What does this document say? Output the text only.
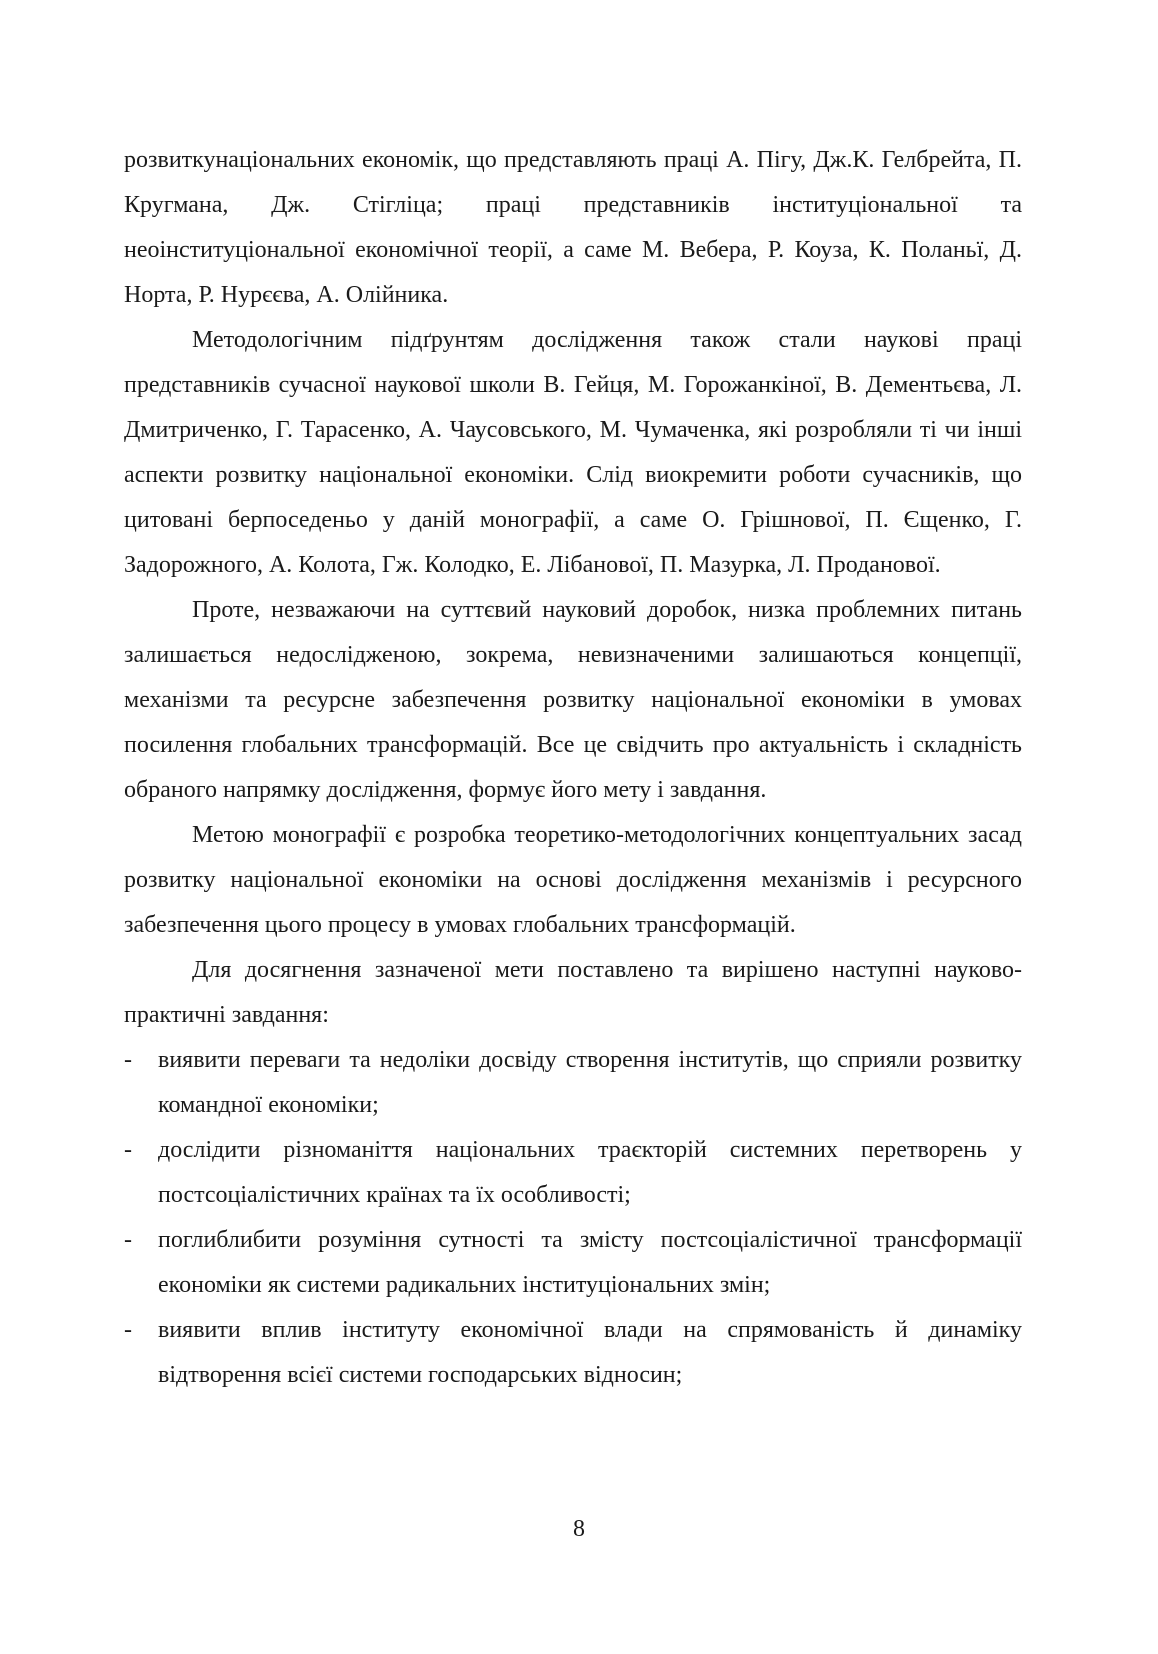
розвиткунаціональних економік, що представляють праці А. Пігу, Дж.К. Гелбрейта, П. Кругмана, Дж. Стігліца; праці представників інституціональної та неоінституціональної економічної теорії, а саме М. Вебера, Р. Коуза, К. Поланьї, Д. Норта, Р. Нурєєва, А. Олійника.

Методологічним підґрунтям дослідження також стали наукові праці представників сучасної наукової школи В. Гейця, М. Горожанкіної, В. Дементьєва, Л. Дмитриченко, Г. Тарасенко, А. Чаусовського, М. Чумаченка, які розробляли ті чи інші аспекти розвитку національної економіки. Слід виокремити роботи сучасників, що цитовані берпоседеньо у даній монографії, а саме О. Грішнової, П. Єщенко, Г. Задорожного, А. Колота, Гж. Колодко, Е. Лібанової, П. Мазурка, Л. Проданової.

Проте, незважаючи на суттєвий науковий доробок, низка проблемних питань залишається недослідженою, зокрема, невизначеними залишаються концепції, механізми та ресурсне забезпечення розвитку національної економіки в умовах посилення глобальних трансформацій. Все це свідчить про актуальність і складність обраного напрямку дослідження, формує його мету і завдання.

Метою монографії є розробка теоретико-методологічних концептуальних засад розвитку національної економіки на основі дослідження механізмів і ресурсного забезпечення цього процесу в умовах глобальних трансформацій.

Для досягнення зазначеної мети поставлено та вирішено наступні науково-практичні завдання:

- виявити переваги та недоліки досвіду створення інститутів, що сприяли розвитку командної економіки;
- дослідити різноманіття національних траєкторій системних перетворень у постсоціалістичних країнах та їх особливості;
- поглиблибити розуміння сутності та змісту постсоціалістичної трансформації економіки як системи радикальних інституціональних змін;
- виявити вплив інституту економічної влади на спрямованість й динаміку відтворення всієї системи господарських відносин;
8
